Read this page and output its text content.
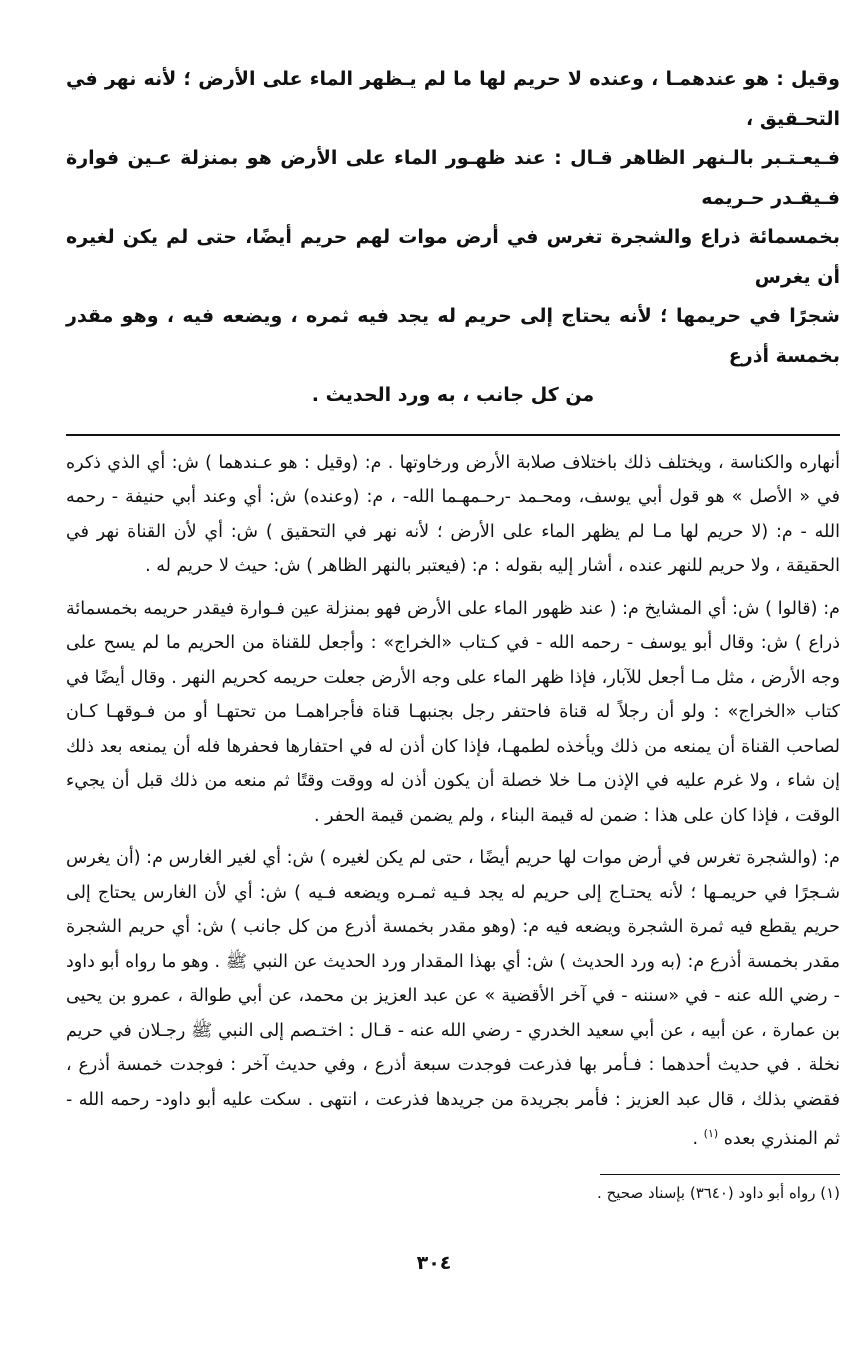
وقيل : هو عندهمـا ، وعنده لا حريم لها ما لم يـظهر الماء على الأرض ؛ لأنه نهر في التحـقيق ،
فـيعـتـبر بالـنهر الظاهر قـال : عند ظهـور الماء على الأرض هو بمنزلة عـين فوارة فـيقـدر حـريمه
بخمسمائة ذراع والشجرة تغرس في أرض موات لهم حريم أيضًا، حتى لم يكن لغيره أن يغرس
شجرًا في حريمها ؛ لأنه يحتاج إلى حريم له يجد فيه ثمره ، ويضعه فيه ، وهو مقدر بخمسة أذرع
من كل جانب ، به ورد الحديث .

أنهاره والكناسة ، ويختلف ذلك باختلاف صلابة الأرض ورخاوتها . م: (وقيل : هو عـندهما ) ش: أي الذي ذكره في « الأصل » هو قول أبي يوسف، ومحـمد -رحـمهـما الله- ، م: (وعنده) ش: أي وعند أبي حنيفة - رحمه الله - م: (لا حريم لها مـا لم يظهر الماء على الأرض ؛ لأنه نهر في التحقيق ) ش: أي لأن القناة نهر في الحقيقة ، ولا حريم للنهر عنده ، أشار إليه بقوله : م: (فيعتبر بالنهر الظاهر ) ش: حيث لا حريم له .

م: (قالوا ) ش: أي المشايخ م: ( عند ظهور الماء على الأرض فهو بمنزلة عين فـوارة فيقدر حريمه بخمسمائة ذراع ) ش: وقال أبو يوسف - رحمه الله - في كـتاب «الخراج» : وأجعل للقناة من الحريم ما لم يسح على وجه الأرض ، مثل مـا أجعل للآبار، فإذا ظهر الماء على وجه الأرض جعلت حريمه كحريم النهر . وقال أيضًا في كتاب «الخراج» : ولو أن رجلاً له قناة فاحتفر رجل بجنبهـا قناة فأجراهمـا من تحتهـا أو من فـوقهـا كـان لصاحب القناة أن يمنعه من ذلك ويأخذه لطمهـا، فإذا كان أذن له في احتفارها فحفرها فله أن يمنعه بعد ذلك إن شاء ، ولا غرم عليه في الإذن مـا خلا خصلة أن يكون أذن له ووقت وقتًا ثم منعه من ذلك قبل أن يجيء الوقت ، فإذا كان على هذا : ضمن له قيمة البناء ، ولم يضمن قيمة الحفر .

م: (والشجرة تغرس في أرض موات لها حريم أيضًا ، حتى لم يكن لغيره ) ش: أي لغير الغارس م: (أن يغرس شـجرًا في حريمـها ؛ لأنه يحتـاج إلى حريم له يجد فـيه ثمـره ويضعه فـيه ) ش: أي لأن الغارس يحتاج إلى حريم يقطع فيه ثمرة الشجرة ويضعه فيه م: (وهو مقدر بخمسة أذرع من كل جانب ) ش: أي حريم الشجرة مقدر بخمسة أذرع م: (به ورد الحديث ) ش: أي بهذا المقدار ورد الحديث عن النبي ﷺ . وهو ما رواه أبو داود - رضي الله عنه - في «سننه - في آخر الأقضية » عن عبد العزيز بن محمد، عن أبي طوالة ، عمرو بن يحيى بن عمارة ، عن أبيه ، عن أبي سعيد الخدري - رضي الله عنه - قـال : اختـصم إلى النبي ﷺ رجـلان في حريم نخلة . في حديث أحدهما : فـأمر بها فذرعت فوجدت سبعة أذرع ، وفي حديث آخر : فوجدت خمسة أذرع ، فقضي بذلك ، قال عبد العزيز : فأمر بجريدة من جريدها فذرعت ، انتهى . سكت عليه أبو داود- رحمه الله - ثم المنذري بعده $^{(١)}$ .

(١) رواه أبو داود (٣٦٤٠) بإسناد صحيح .

٣٠٤
